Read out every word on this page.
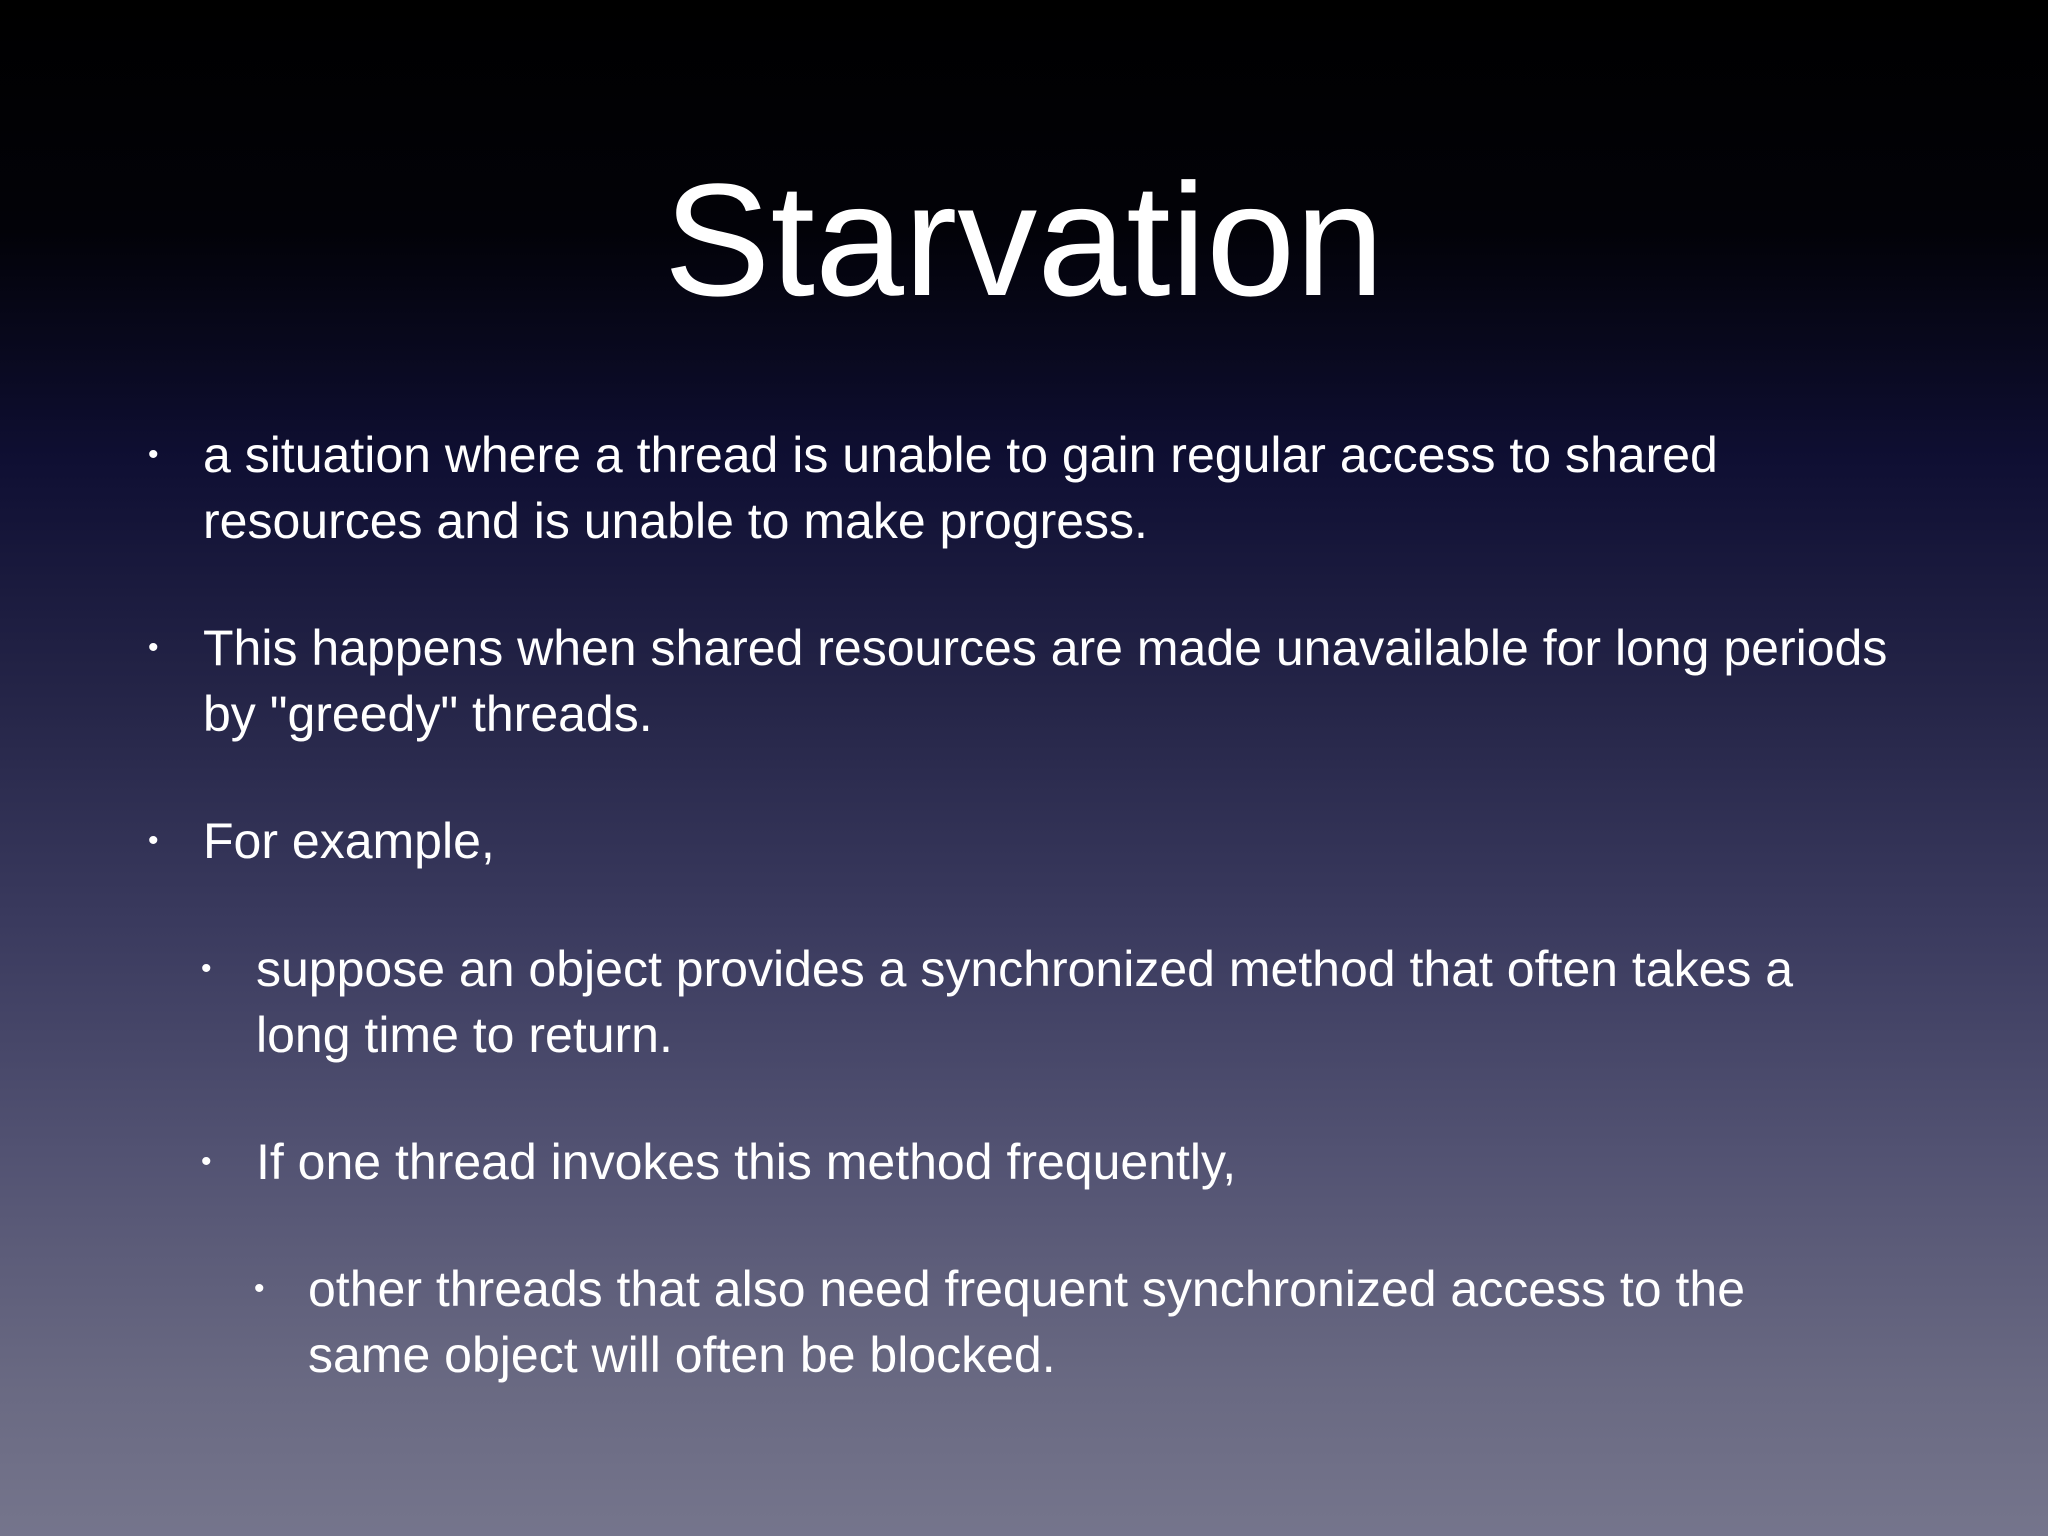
Starvation
• a situation where a thread is unable to gain regular access to shared resources and is unable to make progress.
• This happens when shared resources are made unavailable for long periods by "greedy" threads.
• For example,
• suppose an object provides a synchronized method that often takes a long time to return.
• If one thread invokes this method frequently,
• other threads that also need frequent synchronized access to the same object will often be blocked.
